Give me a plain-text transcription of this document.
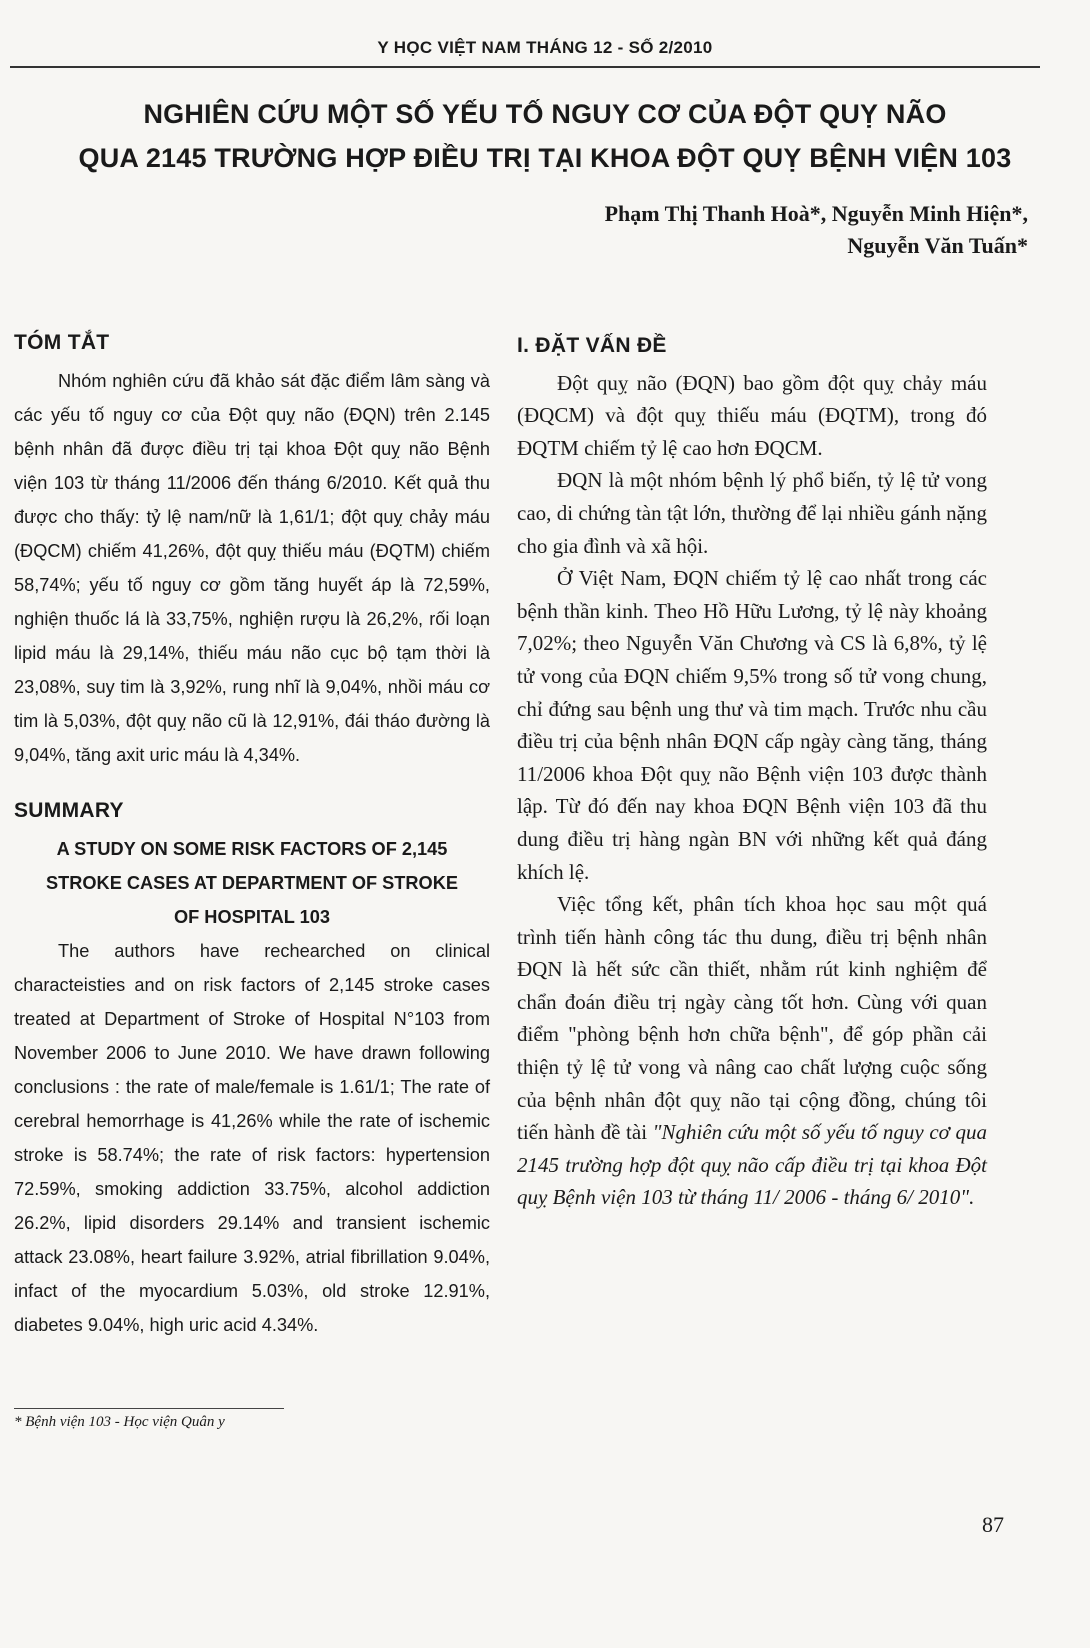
Y HỌC VIỆT NAM THÁNG 12 - SỐ 2/2010
NGHIÊN CỨU MỘT SỐ YẾU TỐ NGUY CƠ CỦA ĐỘT QUỴ NÃO
QUA 2145 TRƯỜNG HỢP ĐIỀU TRỊ TẠI KHOA ĐỘT QUỴ BỆNH VIỆN 103
Phạm Thị Thanh Hoà*, Nguyễn Minh Hiện*,
Nguyễn Văn Tuấn*
TÓM TẮT

Nhóm nghiên cứu đã khảo sát đặc điểm lâm sàng và các yếu tố nguy cơ của Đột quỵ não (ĐQN) trên 2.145 bệnh nhân đã được điều trị tại khoa Đột quỵ não Bệnh viện 103 từ tháng 11/2006 đến tháng 6/2010. Kết quả thu được cho thấy: tỷ lệ nam/nữ là 1,61/1; đột quỵ chảy máu (ĐQCM) chiếm 41,26%, đột quỵ thiếu máu (ĐQTM) chiếm 58,74%; yếu tố nguy cơ gồm tăng huyết áp là 72,59%, nghiện thuốc lá là 33,75%, nghiện rượu là 26,2%, rối loạn lipid máu là 29,14%, thiếu máu não cục bộ tạm thời là 23,08%, suy tim là 3,92%, rung nhĩ là 9,04%, nhồi máu cơ tim là 5,03%, đột quỵ não cũ là 12,91%, đái tháo đường là 9,04%, tăng axit uric máu là 4,34%.

SUMMARY
A STUDY ON SOME RISK FACTORS OF 2,145
STROKE CASES AT DEPARTMENT OF STROKE
OF HOSPITAL 103

The authors have rechearched on clinical characteisties and on risk factors of 2,145 stroke cases treated at Department of Stroke of Hospital N°103 from November 2006 to June 2010. We have drawn following conclusions : the rate of male/female is 1.61/1; The rate of cerebral hemorrhage is 41,26% while the rate of ischemic stroke is 58.74%; the rate of risk factors: hypertension 72.59%, smoking addiction 33.75%, alcohol addiction 26.2%, lipid disorders 29.14% and transient ischemic attack 23.08%, heart failure 3.92%, atrial fibrillation 9.04%, infact of the myocardium 5.03%, old stroke 12.91%, diabetes 9.04%, high uric acid 4.34%.

I. ĐẶT VẤN ĐỀ

Đột quỵ não (ĐQN) bao gồm đột quỵ chảy máu (ĐQCM) và đột quỵ thiếu máu (ĐQTM), trong đó ĐQTM chiếm tỷ lệ cao hơn ĐQCM.

ĐQN là một nhóm bệnh lý phổ biến, tỷ lệ tử vong cao, di chứng tàn tật lớn, thường để lại nhiều gánh nặng cho gia đình và xã hội.

Ở Việt Nam, ĐQN chiếm tỷ lệ cao nhất trong các bệnh thần kinh. Theo Hồ Hữu Lương, tỷ lệ này khoảng 7,02%; theo Nguyễn Văn Chương và CS là 6,8%, tỷ lệ tử vong của ĐQN chiếm 9,5% trong số tử vong chung, chỉ đứng sau bệnh ung thư và tim mạch. Trước nhu cầu điều trị của bệnh nhân ĐQN cấp ngày càng tăng, tháng 11/2006 khoa Đột quỵ não Bệnh viện 103 được thành lập. Từ đó đến nay khoa ĐQN Bệnh viện 103 đã thu dung điều trị hàng ngàn BN với những kết quả đáng khích lệ.

Việc tổng kết, phân tích khoa học sau một quá trình tiến hành công tác thu dung, điều trị bệnh nhân ĐQN là hết sức cần thiết, nhằm rút kinh nghiệm để chẩn đoán điều trị ngày càng tốt hơn. Cùng với quan điểm "phòng bệnh hơn chữa bệnh", để góp phần cải thiện tỷ lệ tử vong và nâng cao chất lượng cuộc sống của bệnh nhân đột quỵ não tại cộng đồng, chúng tôi tiến hành đề tài "Nghiên cứu một số yếu tố nguy cơ qua 2145 trường hợp đột quỵ não cấp điều trị tại khoa Đột quỵ Bệnh viện 103 từ tháng 11/ 2006 - tháng 6/ 2010".

* Bệnh viện 103 - Học viện Quân y
87
